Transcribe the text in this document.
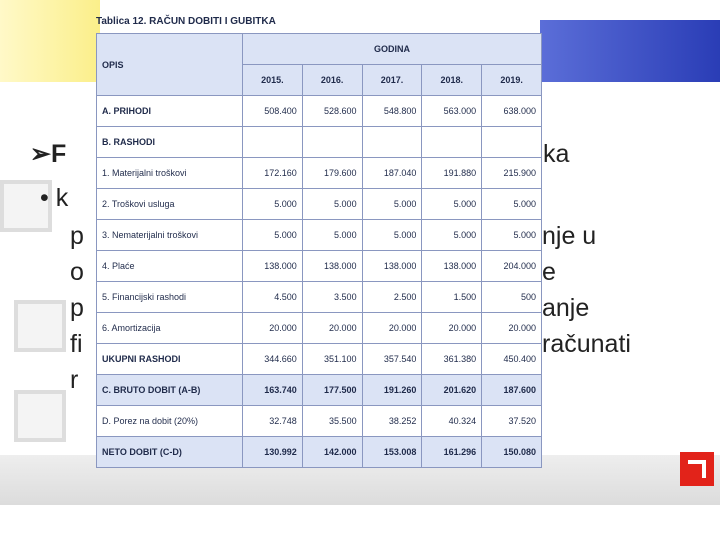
➢F	ka
• k
p	nje u
o	e
p	anje
fi	računati
r
Tablica 12. RAČUN DOBITI I GUBITKA
OPIS	GODINA				
	2015.	2016.	2017.	2018.	2019.
A. PRIHODI	508.400	528.600	548.800	563.000	638.000
B. RASHODI					
1. Materijalni troškovi	172.160	179.600	187.040	191.880	215.900
2. Troškovi usluga	5.000	5.000	5.000	5.000	5.000
3. Nematerijalni troškovi	5.000	5.000	5.000	5.000	5.000
4. Plaće	138.000	138.000	138.000	138.000	204.000
5. Financijski rashodi	4.500	3.500	2.500	1.500	500
6. Amortizacija	20.000	20.000	20.000	20.000	20.000
UKUPNI RASHODI	344.660	351.100	357.540	361.380	450.400
C. BRUTO DOBIT (A-B)	163.740	177.500	191.260	201.620	187.600
D. Porez na dobit (20%)	32.748	35.500	38.252	40.324	37.520
NETO DOBIT (C-D)	130.992	142.000	153.008	161.296	150.080
